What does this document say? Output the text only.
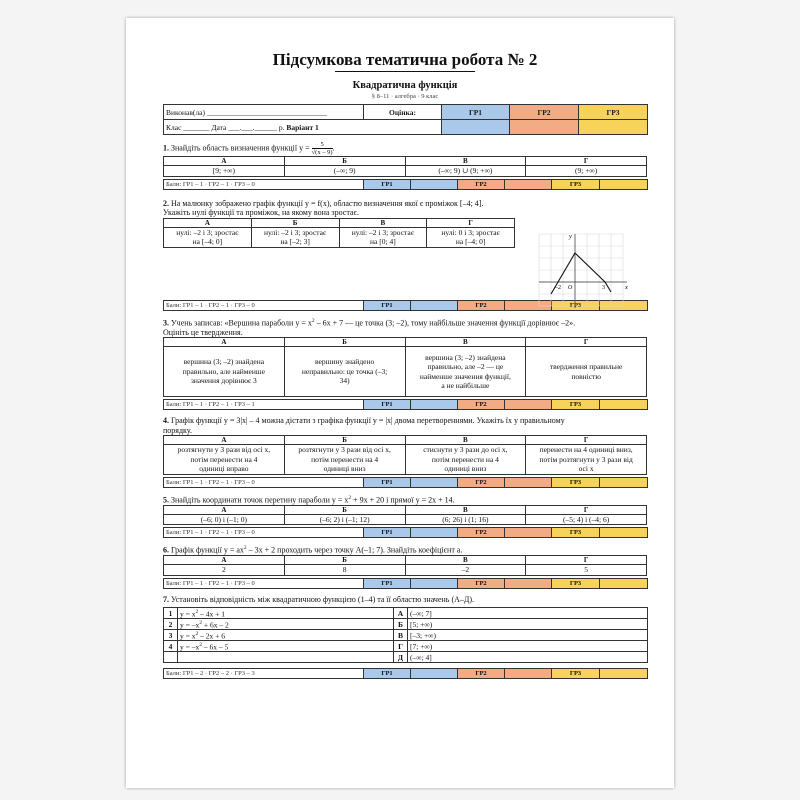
Підсумкова тематична робота № 2
Квадратична функція
§ 8–11 · алгебра · 9 клас
Виконав(ла) ________________________________	Оцінка:	ГР1	ГР2	ГР3
Клас _______ Дата ___.___.______ р. Варіант 1				
1. Знайдіть область визначення функції $y = \frac{5}{√(x - 9)}$.
А	Б	В	Г
[9; +∞)	(–∞; 9)	(–∞; 9) ∪ (9; +∞)	(9; +∞)
Бали: ГР1 – 1 · ГР2 – 1 · ГР3 – 0	ГР1		ГР2		ГР3	
2. На малюнку зображено графік функції y = f(x), областю визначення якої є проміжок [–4; 4].
Укажіть нулі функції та проміжок, на якому вона зростає.
А	Б	В	Г
нулі: –2 і 3; зростає
на [–4; 0]	нулі: –2 і 3; зростає
на [–2; 3]	нулі: –2 і 3; зростає
на [0; 4]	нулі: 0 і 3; зростає
на [–4; 0]
y
x
O
–2	3
Бали: ГР1 – 1 · ГР2 – 1 · ГР3 – 0	ГР1		ГР2		ГР3	
3. Учень записав: «Вершина параболи $y = x^2 - 6x + 7$ — це точка (3; –2), тому найбільше значення функції дорівнює –2».
Оцініть це твердження.
А	Б	В	Г
вершина (3; –2) знайдена
правильно, але найменше
значення дорівнює 3	вершину знайдено
неправильно: це точка (–3;
34)	вершина (3; –2) знайдена
правильно, але –2 — це
найменше значення функції,
а не найбільше	твердження правильне
повністю
Бали: ГР1 – 1 · ГР2 – 1 · ГР3 – 1	ГР1		ГР2		ГР3	
4. Графік функції y = 3|x| – 4 можна дістати з графіка функції y = |x| двома перетвореннями. Укажіть їх у правильному
порядку.
А	Б	В	Г
розтягнути у 3 рази від осі x,
потім перенести на 4
одиниці вправо	розтягнути у 3 рази від осі x,
потім перенести на 4
одиниці вниз	стиснути у 3 рази до осі x,
потім перенести на 4
одиниці вниз	перенести на 4 одиниці вниз,
потім розтягнути у 3 рази від
осі x
Бали: ГР1 – 1 · ГР2 – 1 · ГР3 – 0	ГР1		ГР2		ГР3	
5. Знайдіть координати точок перетину параболи $y = x^2 + 9x + 20$ і прямої y = 2x + 14.
А	Б	В	Г
(–6; 0) і (–1; 0)	(–6; 2) і (–1; 12)	(6; 26) і (1; 16)	(–5; 4) і (–4; 6)
Бали: ГР1 – 1 · ГР2 – 1 · ГР3 – 0	ГР1		ГР2		ГР3	
6. Графік функції $y = ax^2 - 3x + 2$ проходить через точку A(–1; 7). Знайдіть коефіцієнт a.
А	Б	В	Г
2	8	–2	5
Бали: ГР1 – 1 · ГР2 – 1 · ГР3 – 0	ГР1		ГР2		ГР3	
7. Установіть відповідність між квадратичною функцією (1–4) та її областю значень (А–Д).
1	$y = x^2 - 4x + 1$	А	(–∞; 7]
2	$y = -x^2 + 6x - 2$	Б	[5; +∞)
3	$y = x^2 - 2x + 6$	В	[–3; +∞)
4	$y = -x^2 - 6x - 5$	Г	[7; +∞)
		Д	(–∞; 4]
Бали: ГР1 – 2 · ГР2 – 2 · ГР3 – 3	ГР1		ГР2		ГР3	
